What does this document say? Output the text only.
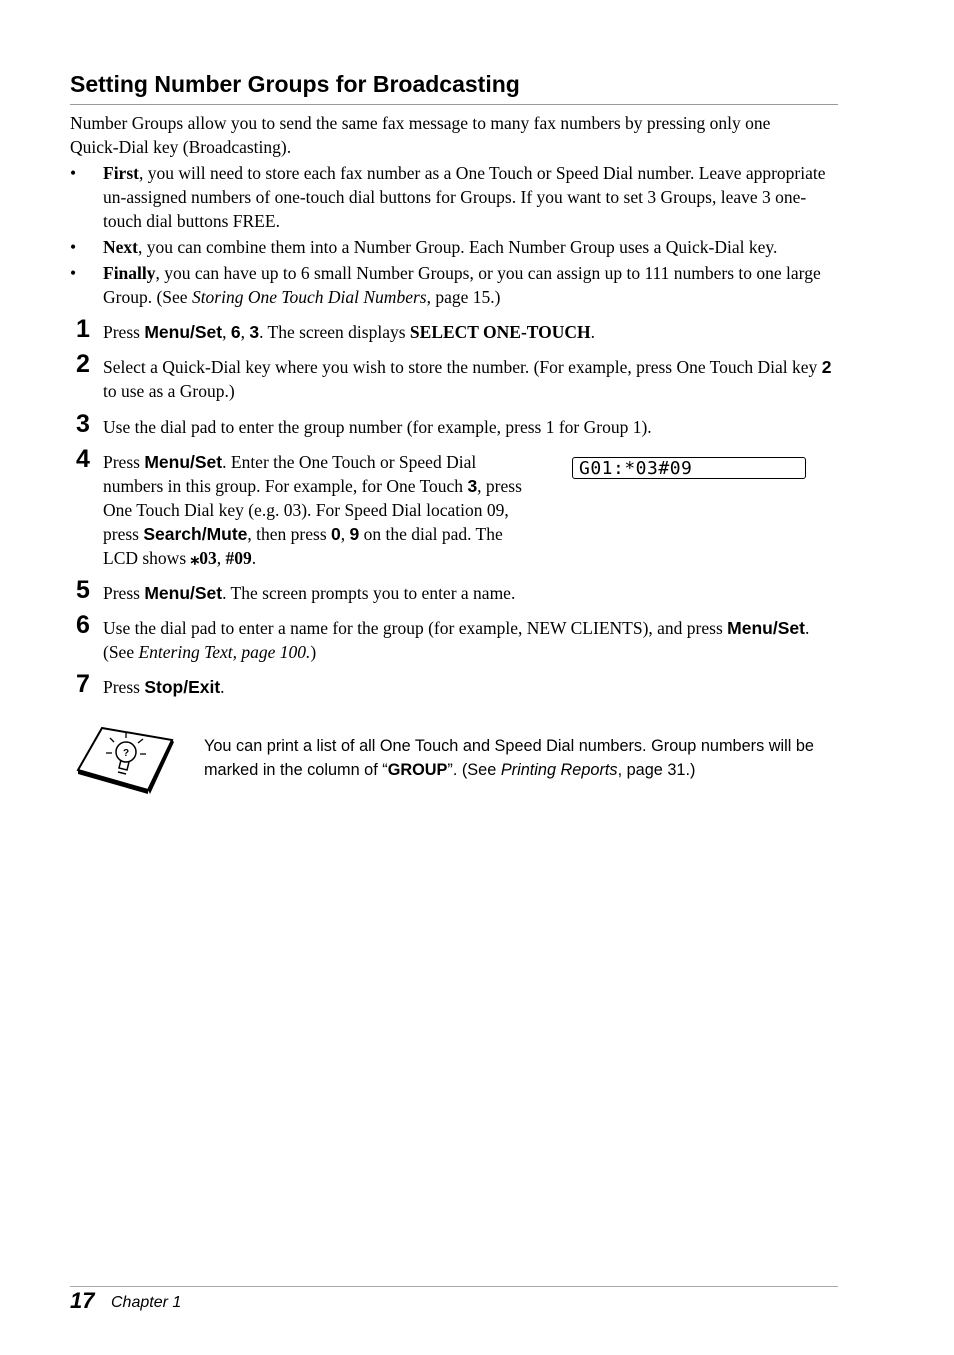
Setting Number Groups for Broadcasting
Number Groups allow you to send the same fax message to many fax numbers by pressing only one
Quick-Dial key (Broadcasting).
• First, you will need to store each fax number as a One Touch or Speed Dial number. Leave appropriate un-assigned numbers of one-touch dial buttons for Groups. If you want to set 3 Groups, leave 3 one-touch dial buttons FREE.
• Next, you can combine them into a Number Group. Each Number Group uses a Quick-Dial key.
• Finally, you can have up to 6 small Number Groups, or you can assign up to 111 numbers to one large Group. (See Storing One Touch Dial Numbers, page 15.)
1 Press Menu/Set, 6, 3. The screen displays SELECT ONE-TOUCH.
2 Select a Quick-Dial key where you wish to store the number. (For example, press One Touch Dial key 2 to use as a Group.)
3 Use the dial pad to enter the group number (for example, press 1 for Group 1).
4 Press Menu/Set. Enter the One Touch or Speed Dial numbers in this group. For example, for One Touch 3, press One Touch Dial key (e.g. 03). For Speed Dial location 09, press Search/Mute, then press 0, 9 on the dial pad. The LCD shows ⁎03, #09.
G01:*03#09
5 Press Menu/Set. The screen prompts you to enter a name.
6 Use the dial pad to enter a name for the group (for example, NEW CLIENTS), and press Menu/Set. (See Entering Text, page 100.)
7 Press Stop/Exit.
?	You can print a list of all One Touch and Speed Dial numbers. Group numbers will be marked in the column of “GROUP”. (See Printing Reports, page 31.)
17 Chapter 1
